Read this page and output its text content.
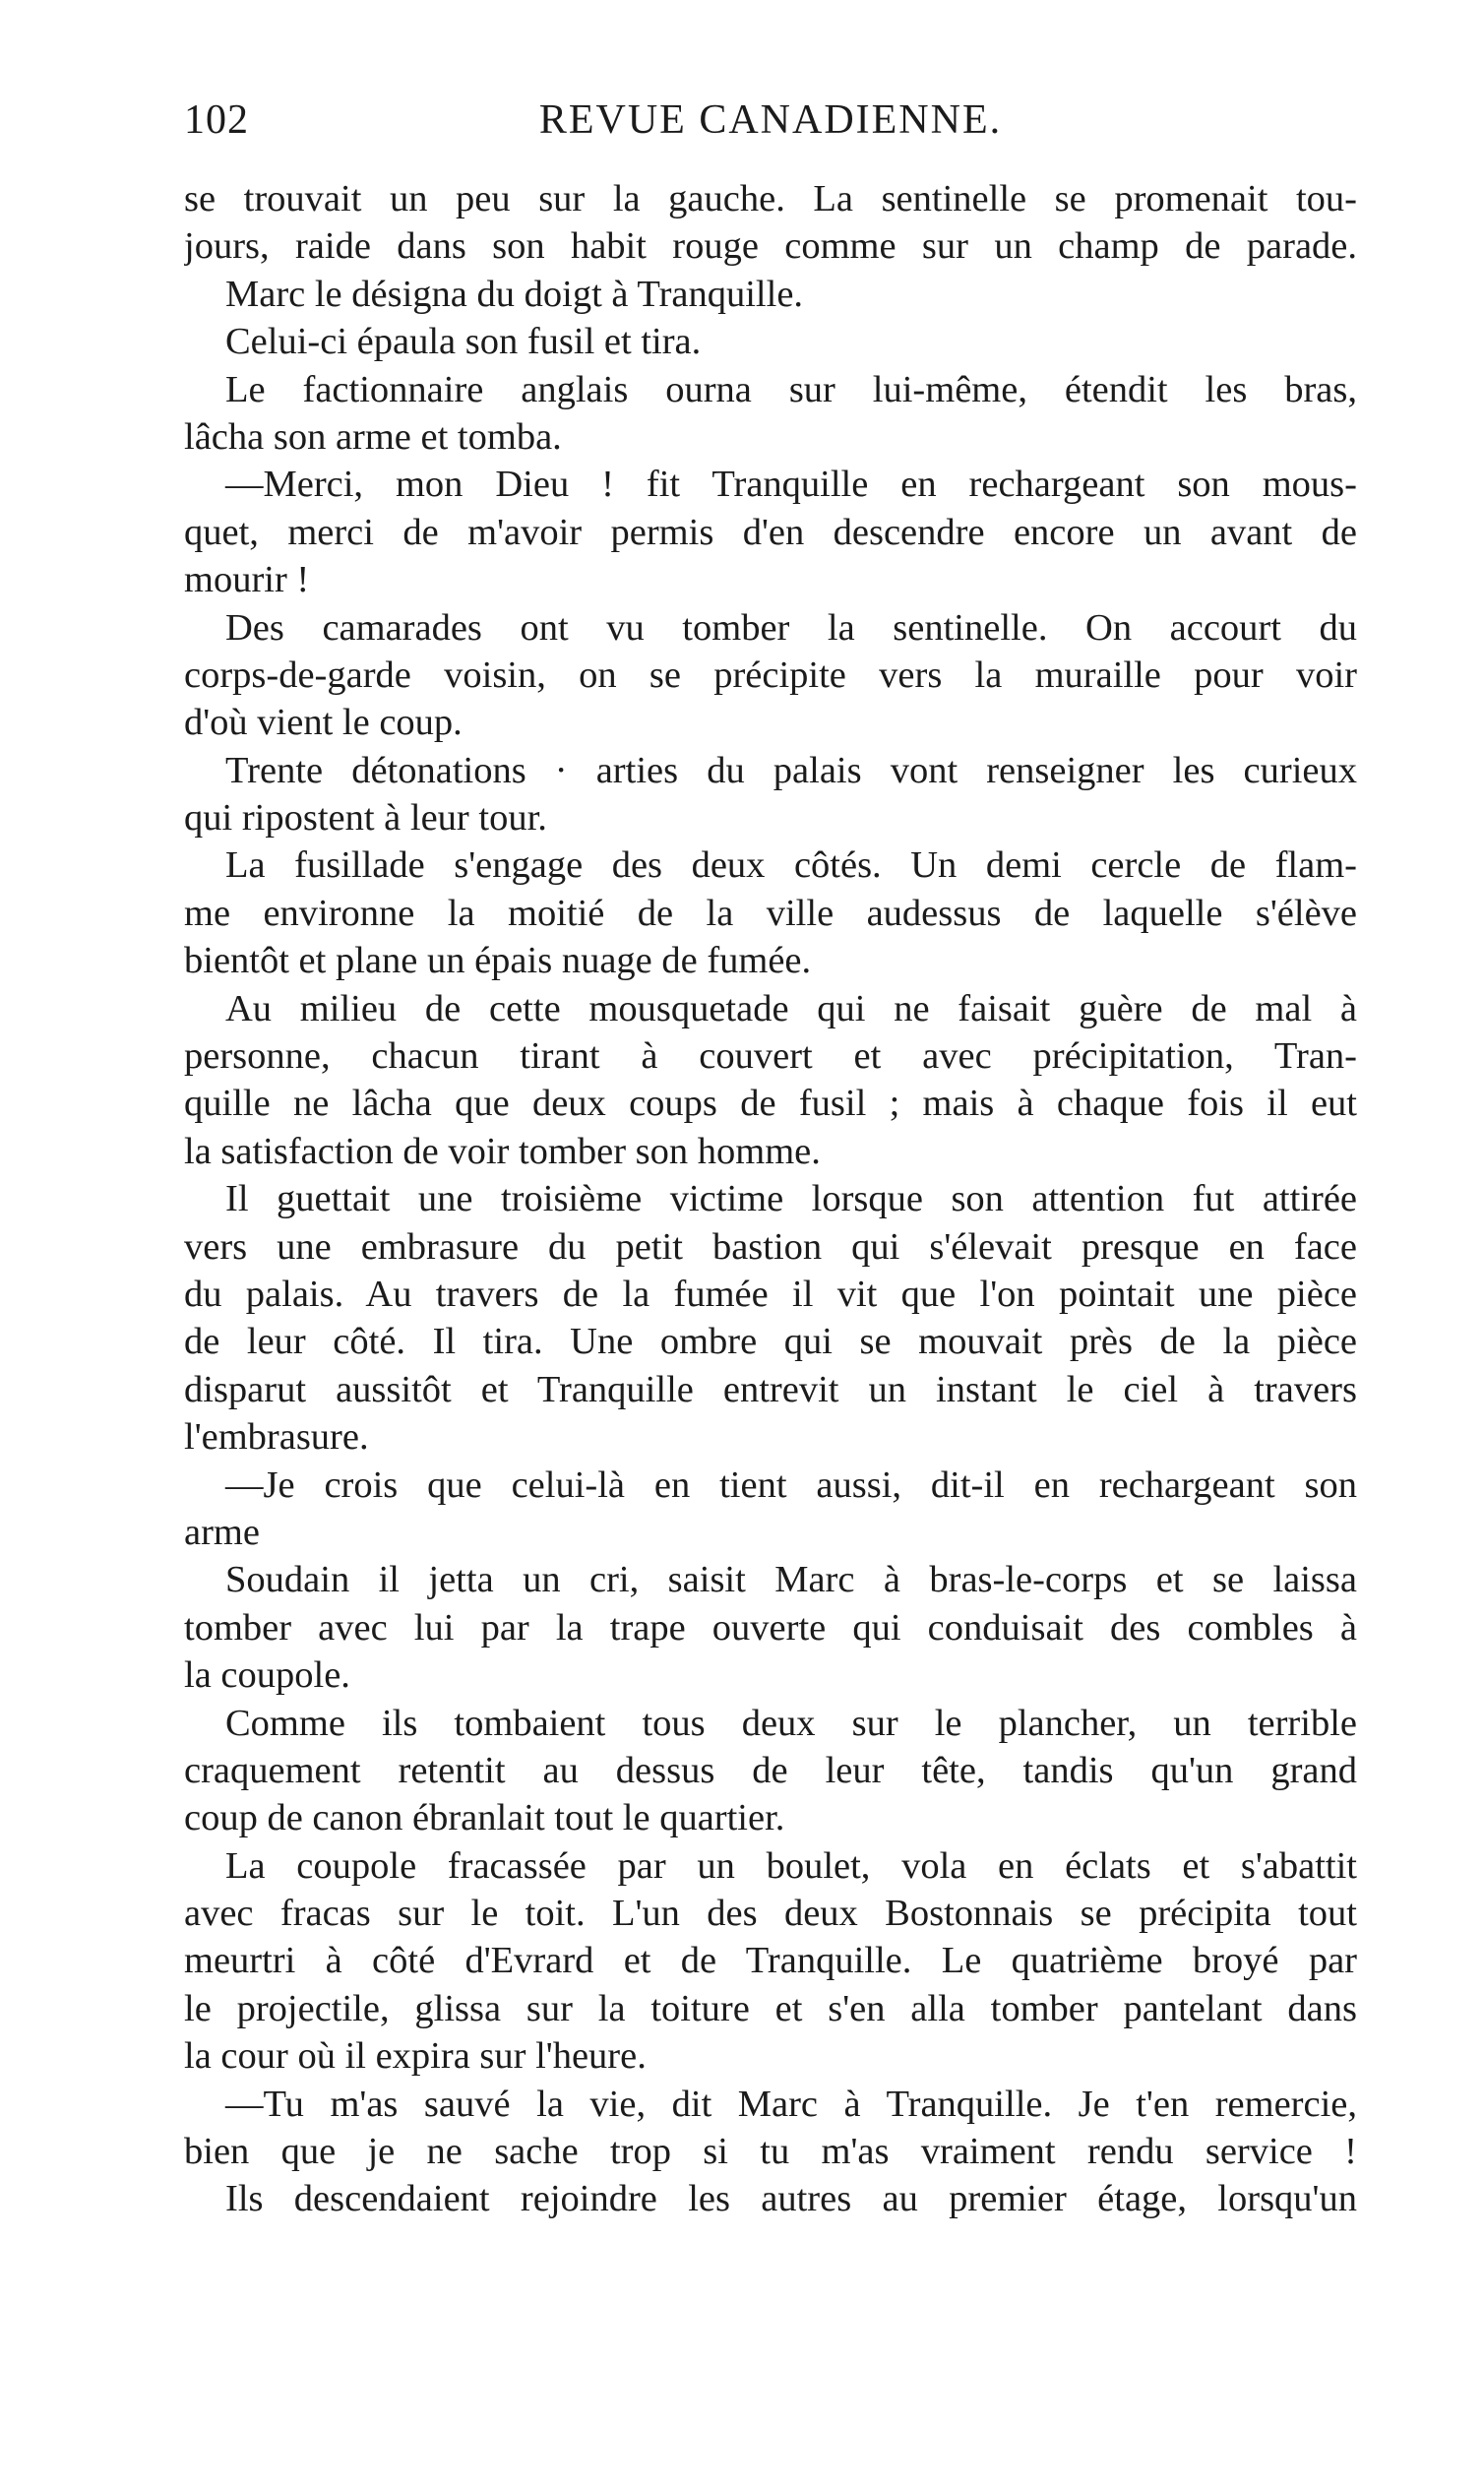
102	REVUE CANADIENNE.
se trouvait un peu sur la gauche. La sentinelle se promenait tou-
jours, raide dans son habit rouge comme sur un champ de parade.
Marc le désigna du doigt à Tranquille.
Celui-ci épaula son fusil et tira.
Le factionnaire anglais ourna sur lui-même, étendit les bras,
lâcha son arme et tomba.
—Merci, mon Dieu ! fit Tranquille en rechargeant son mous-
quet, merci de m'avoir permis d'en descendre encore un avant de
mourir !
Des camarades ont vu tomber la sentinelle. On accourt du
corps-de-garde voisin, on se précipite vers la muraille pour voir
d'où vient le coup.
Trente détonations · arties du palais vont renseigner les curieux
qui ripostent à leur tour.
La fusillade s'engage des deux côtés. Un demi cercle de flam-
me environne la moitié de la ville audessus de laquelle s'élève
bientôt et plane un épais nuage de fumée.
Au milieu de cette mousquetade qui ne faisait guère de mal à
personne, chacun tirant à couvert et avec précipitation, Tran-
quille ne lâcha que deux coups de fusil ; mais à chaque fois il eut
la satisfaction de voir tomber son homme.
Il guettait une troisième victime lorsque son attention fut attirée
vers une embrasure du petit bastion qui s'élevait presque en face
du palais. Au travers de la fumée il vit que l'on pointait une pièce
de leur côté. Il tira. Une ombre qui se mouvait près de la pièce
disparut aussitôt et Tranquille entrevit un instant le ciel à travers
l'embrasure.
—Je crois que celui-là en tient aussi, dit-il en rechargeant son
arme
Soudain il jetta un cri, saisit Marc à bras-le-corps et se laissa
tomber avec lui par la trape ouverte qui conduisait des combles à
la coupole.
Comme ils tombaient tous deux sur le plancher, un terrible
craquement retentit au dessus de leur tête, tandis qu'un grand
coup de canon ébranlait tout le quartier.
La coupole fracassée par un boulet, vola en éclats et s'abattit
avec fracas sur le toit. L'un des deux Bostonnais se précipita tout
meurtri à côté d'Evrard et de Tranquille. Le quatrième broyé par
le projectile, glissa sur la toiture et s'en alla tomber pantelant dans
la cour où il expira sur l'heure.
—Tu m'as sauvé la vie, dit Marc à Tranquille. Je t'en remercie,
bien que je ne sache trop si tu m'as vraiment rendu service !
Ils descendaient rejoindre les autres au premier étage, lorsqu'un
